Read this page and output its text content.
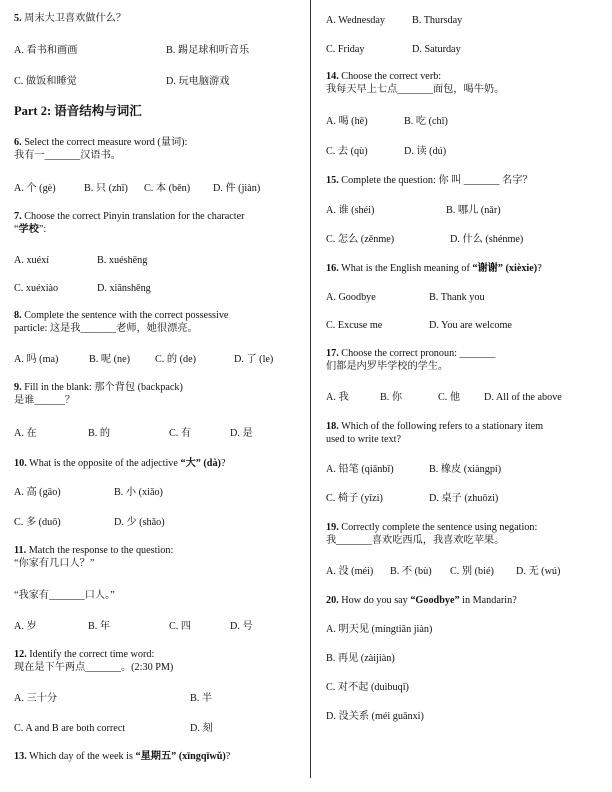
5. 周末大卫喜欢做什么？
A. 看书和画画	B. 踢足球和听音乐
C. 做饭和睡觉	D. 玩电脑游戏
Part 2: 语音结构与词汇
6. Select the correct measure word (量词):
我有一_______汉语书。
A. 个 (gè)	B. 只 (zhī) C. 本 (běn) D. 件 (jiàn)
7. Choose the correct Pinyin translation for the character
“学校”:
A. xuéxí	B. xuéshēng
C. xuéxiào	D. xiānshēng
8. Complete the sentence with the correct possessive
particle: 这是我_______老师，她很漂亮。
A. 吗 (ma)	B. 呢 (ne) C. 的 (de)	D. 了 (le)
9. Fill in the blank: 那个背包 (backpack)
是谁______？
A. 在	B. 的	C. 有	D. 是
10. What is the opposite of the adjective “大” (dà)?
A. 高 (gāo)	B. 小 (xiǎo)
C. 多 (duō)	D. 少 (shǎo)
11. Match the response to the question:
“你家有几口人？”
“我家有_______口人。”
A. 岁	B. 年	C. 四	D. 号
12. Identify the correct time word:
现在是下午两点_______。(2:30 PM)
A. 三十分	B. 半
C. A and B are both correct	D. 刻
13. Which day of the week is “星期五” (xīngqīwǔ)?
A. Wednesday	B. Thursday
C. Friday	D. Saturday
14. Choose the correct verb:
我每天早上七点_______面包，喝牛奶。
A. 喝 (hē)	B. 吃 (chī)
C. 去 (qù)	D. 读 (dú)
15. Complete the question: 你 叫 _______ 名字？
A. 谁 (shéi)	B. 哪儿 (nǎr)
C. 怎么 (zěnme)	D. 什么 (shénme)
16. What is the English meaning of “谢谢” (xièxie)?
A. Goodbye	B. Thank you
C. Excuse me	D. You are welcome
17. Choose the correct pronoun: _______
们都是内罗毕学校的学生。
A. 我	B. 你	C. 他 D. All of the above
18. Which of the following refers to a stationary item
used to write text?
A. 铅笔 (qiānbǐ)	B. 橡皮 (xiàngpí)
C. 椅子 (yǐzi)	D. 桌子 (zhuōzi)
19. Correctly complete the sentence using negation:
我_______喜欢吃西瓜，我喜欢吃苹果。
A. 没 (méi) B. 不 (bù) C. 别 (bié) D. 无 (wú)
20. How do you say “Goodbye” in Mandarin?
A. 明天见 (míngtiān jiàn)
B. 再见 (zàijiàn)
C. 对不起 (duìbuqǐ)
D. 没关系 (méi guānxi)
